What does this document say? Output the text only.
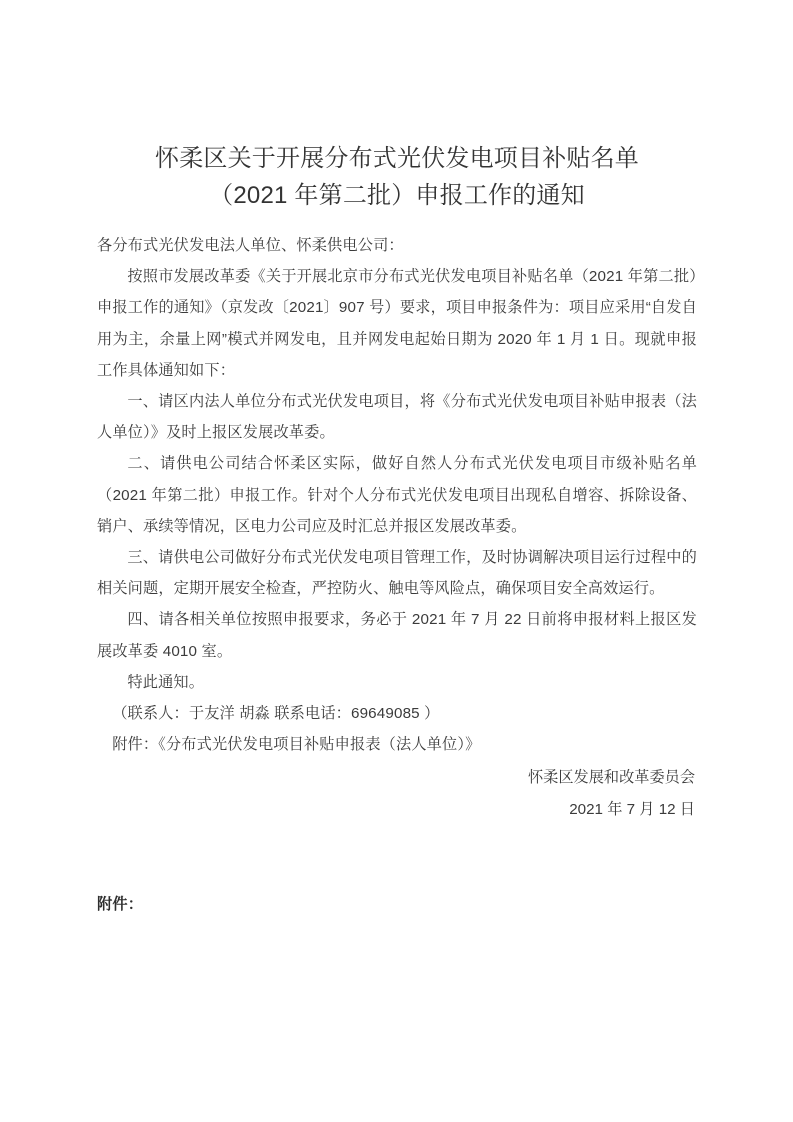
怀柔区关于开展分布式光伏发电项目补贴名单
（2021 年第二批）申报工作的通知

各分布式光伏发电法人单位、怀柔供电公司：

按照市发展改革委《关于开展北京市分布式光伏发电项目补贴名单（2021 年第二批）申报工作的通知》（京发改〔2021〕907 号）要求，项目申报条件为：项目应采用“自发自用为主，余量上网”模式并网发电，且并网发电起始日期为 2020 年 1 月 1 日。现就申报工作具体通知如下：

一、请区内法人单位分布式光伏发电项目，将《分布式光伏发电项目补贴申报表（法人单位）》及时上报区发展改革委。

二、请供电公司结合怀柔区实际，做好自然人分布式光伏发电项目市级补贴名单（2021 年第二批）申报工作。针对个人分布式光伏发电项目出现私自增容、拆除设备、销户、承续等情况，区电力公司应及时汇总并报区发展改革委。

三、请供电公司做好分布式光伏发电项目管理工作，及时协调解决项目运行过程中的相关问题，定期开展安全检查，严控防火、触电等风险点，确保项目安全高效运行。

四、请各相关单位按照申报要求，务必于 2021 年 7 月 22 日前将申报材料上报区发展改革委 4010 室。

特此通知。

（联系人：于友洋 胡淼 联系电话：69649085 ）

附件：《分布式光伏发电项目补贴申报表（法人单位）》

怀柔区发展和改革委员会
2021 年 7 月 12 日

附件：
